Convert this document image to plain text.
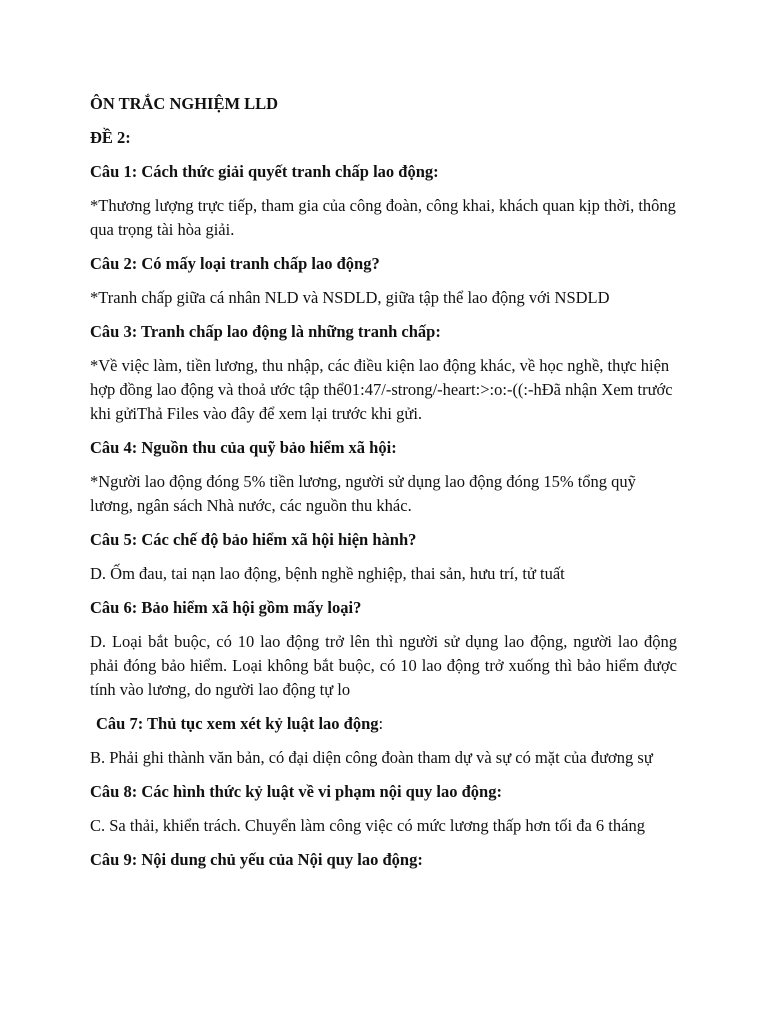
ÔN TRẮC NGHIỆM LLD

ĐỀ 2:

Câu 1: Cách thức giải quyết tranh chấp lao động:

*Thương lượng trực tiếp, tham gia của công đoàn, công khai, khách quan kịp thời, thông qua trọng tài hòa giải.

Câu 2: Có mấy loại tranh chấp lao động?

*Tranh chấp giữa cá nhân NLD và NSDLD, giữa tập thể lao động với NSDLD

Câu 3: Tranh chấp lao động là những tranh chấp:

*Về việc làm, tiền lương, thu nhập, các điều kiện lao động khác, về học nghề, thực hiện hợp đồng lao động và thoả ước tập thể01:47/-strong/-heart:>:o:-((:-hĐã nhận Xem trước khi gửiThả Files vào đây để xem lại trước khi gửi.

Câu 4: Nguồn thu của quỹ bảo hiểm xã hội:

*Người lao động đóng 5% tiền lương, người sử dụng lao động đóng 15% tổng quỹ lương, ngân sách Nhà nước, các nguồn thu khác.

Câu 5: Các chế độ bảo hiểm xã hội hiện hành?

D. Ốm đau, tai nạn lao động, bệnh nghề nghiệp, thai sản, hưu trí, tử tuất

Câu 6: Bảo hiểm xã hội gồm mấy loại?

D. Loại bắt buộc, có 10 lao động trở lên thì người sử dụng lao động, người lao động phải đóng bảo hiểm. Loại không bắt buộc, có 10 lao động trở xuống thì bảo hiểm được tính vào lương, do người lao động tự lo

Câu 7: Thủ tục xem xét kỷ luật lao động:

B. Phải ghi thành văn bản, có đại diện công đoàn tham dự và sự có mặt của đương sự

Câu 8: Các hình thức kỷ luật về vi phạm nội quy lao động:

C. Sa thải, khiển trách. Chuyển làm công việc có mức lương thấp hơn tối đa 6 tháng

Câu 9: Nội dung chủ yếu của Nội quy lao động:
